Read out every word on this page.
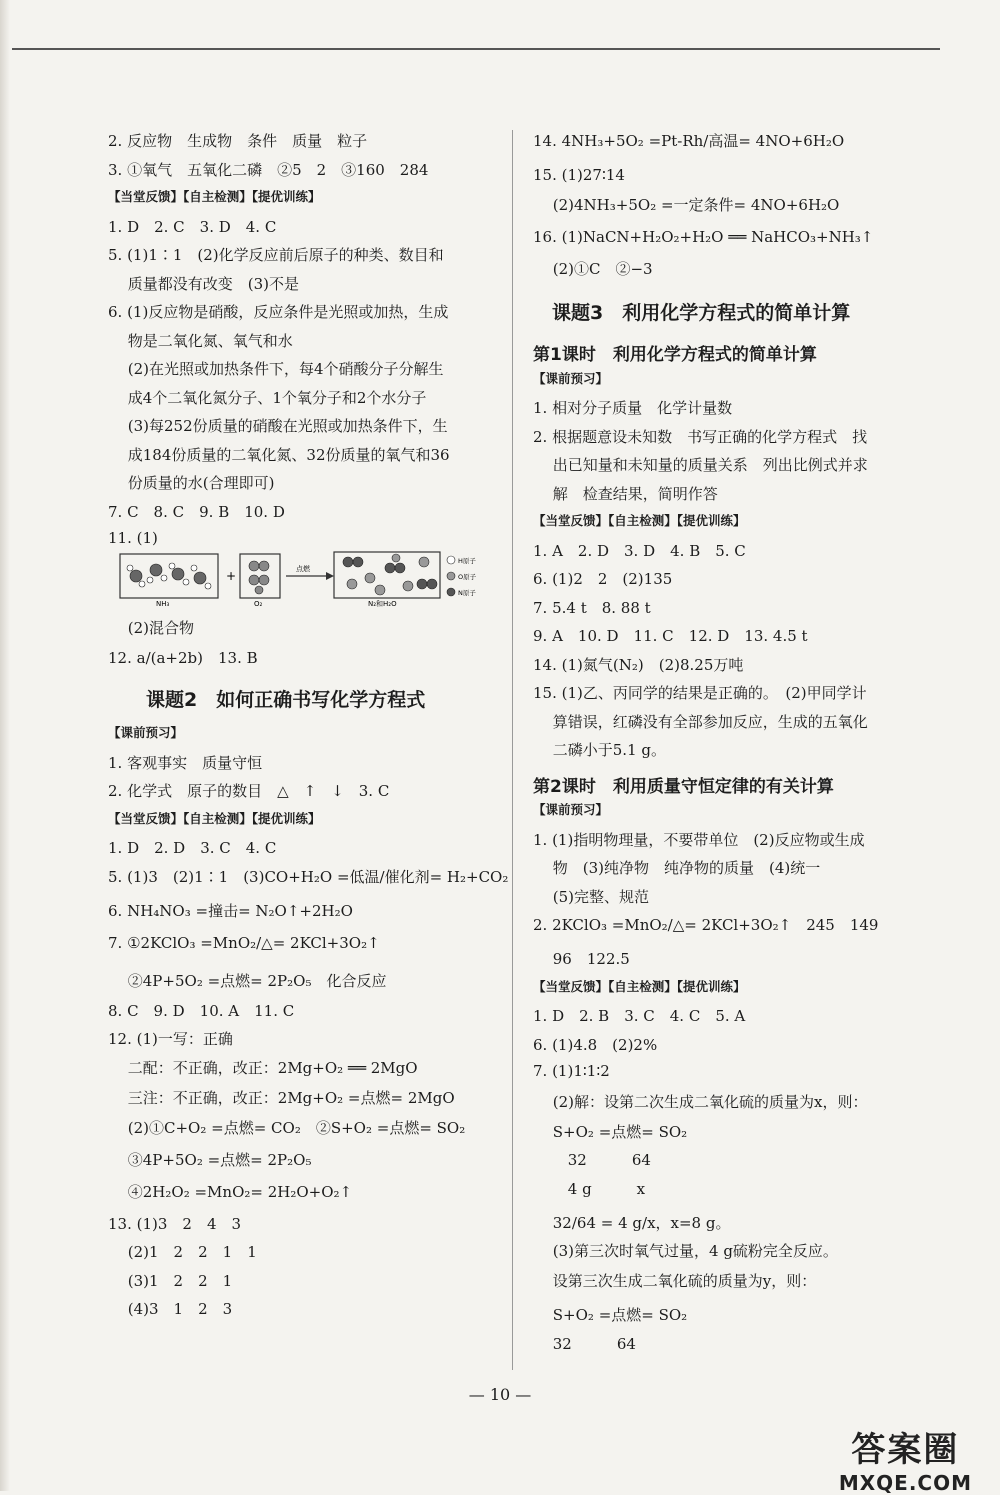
2. 反应物　生成物　条件　质量　粒子
3. ①氧气　五氧化二磷　②5　2　③160　284
【当堂反馈】【自主检测】【提优训练】
1. D　2. C　3. D　4. C
5. (1)1∶1　(2)化学反应前后原子的种类、数目和
　 质量都没有改变　(3)不是
6. (1)反应物是硝酸，反应条件是光照或加热，生成
　 物是二氧化氮、氧气和水
　 (2)在光照或加热条件下，每4个硝酸分子分解生
　 成4个二氧化氮分子、1个氧分子和2个水分子
　 (3)每252份质量的硝酸在光照或加热条件下，生
　 成184份质量的二氧化氮、32份质量的氧气和36
　 份质量的水(合理即可)
7. C　8. C　9. B　10. D
11. (1)
　 (2)混合物
12. a/(a+2b)　13. B
　　课题2　如何正确书写化学方程式
【课前预习】
1. 客观事实　质量守恒
2. 化学式　原子的数目　△　↑　↓　3. C
【当堂反馈】【自主检测】【提优训练】
1. D　2. D　3. C　4. C
5. (1)3　(2)1∶1　(3)CO+H₂O =低温/催化剂= H₂+CO₂
6. NH₄NO₃ =撞击= N₂O↑+2H₂O
7. ①2KClO₃ =MnO₂/△= 2KCl+3O₂↑
　 ②4P+5O₂ =点燃= 2P₂O₅　化合反应
8. C　9. D　10. A　11. C
12. (1)一写：正确
　 二配：不正确，改正：2Mg+O₂ ══ 2MgO
　 三注：不正确，改正：2Mg+O₂ =点燃= 2MgO
　 (2)①C+O₂ =点燃= CO₂　②S+O₂ =点燃= SO₂
　 ③4P+5O₂ =点燃= 2P₂O₅
　 ④2H₂O₂ =MnO₂= 2H₂O+O₂↑
13. (1)3　2　4　3
　 (2)1　2　2　1　1
　 (3)1　2　2　1
　 (4)3　1　2　3
14. 4NH₃+5O₂ =Pt-Rh/高温= 4NO+6H₂O
15. (1)27∶14
　 (2)4NH₃+5O₂ =一定条件= 4NO+6H₂O
16. (1)NaCN+H₂O₂+H₂O ══ NaHCO₃+NH₃↑
　 (2)①C　②−3
　课题3　利用化学方程式的简单计算
第1课时　利用化学方程式的简单计算
【课前预习】
1. 相对分子质量　化学计量数
2. 根据题意设未知数　书写正确的化学方程式　找
　 出已知量和未知量的质量关系　列出比例式并求
　 解　检查结果，简明作答
【当堂反馈】【自主检测】【提优训练】
1. A　2. D　3. D　4. B　5. C
6. (1)2　2　(2)135
7. 5.4 t　8. 88 t
9. A　10. D　11. C　12. D　13. 4.5 t
14. (1)氮气(N₂)　(2)8.25万吨
15. (1)乙、丙同学的结果是正确的。　(2)甲同学计
　 算错误，红磷没有全部参加反应，生成的五氧化
　 二磷小于5.1 g。
第2课时　利用质量守恒定律的有关计算
【课前预习】
1. (1)指明物理量，不要带单位　(2)反应物或生成
　 物　(3)纯净物　纯净物的质量　(4)统一
　 (5)完整、规范
2. 2KClO₃ =MnO₂/△= 2KCl+3O₂↑　245　149
　 96　122.5
【当堂反馈】【自主检测】【提优训练】
1. D　2. B　3. C　4. C　5. A
6. (1)4.8　(2)2%
7. (1)1∶1∶2
　 (2)解：设第二次生成二氧化硫的质量为x，则：
　 S+O₂ =点燃= SO₂
　 　32　　　64
　 　4 g　　　x
　 32/64 = 4 g/x，x=8 g。
　 (3)第三次时氧气过量，4 g硫粉完全反应。
　 设第三次生成二氧化硫的质量为y，则：
　 S+O₂ =点燃= SO₂
　 32　　　64
NH₃
+
O₂
点燃
N₂和H₂O
H原子
O原子
N原子
— 10 —
答案圈
MXQE.COM
